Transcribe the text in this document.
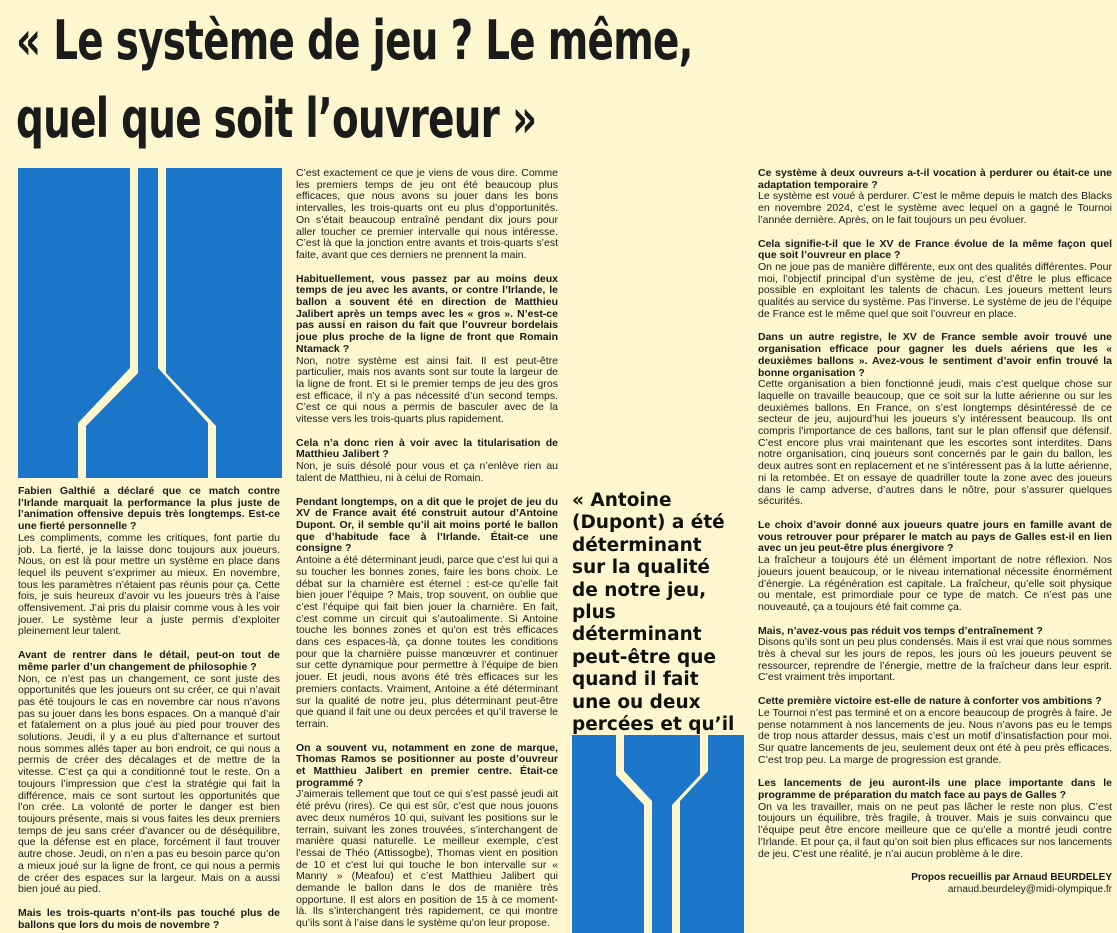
« Le système de jeu ? Le même,
quel que soit l’ouvreur »

Fabien Galthié a déclaré que ce match contre l’Irlande marquait la performance la plus juste de l’animation offensive depuis très longtemps. Est-ce une fierté personnelle ?

Les compliments, comme les critiques, font partie du job. La fierté, je la laisse donc toujours aux joueurs. Nous, on est là pour mettre un système en place dans lequel ils peuvent s’exprimer au mieux. En novembre, tous les paramètres n’étaient pas réunis pour ça. Cette fois, je suis heureux d’avoir vu les joueurs très à l’aise offensivement. J’ai pris du plaisir comme vous à les voir jouer. Le système leur a juste permis d’exploiter pleinement leur talent.

Avant de rentrer dans le détail, peut-on tout de même parler d’un changement de philosophie ?

Non, ce n’est pas un changement, ce sont juste des opportunités que les joueurs ont su créer, ce qui n’avait pas été toujours le cas en novembre car nous n’avons pas su jouer dans les bons espaces. On a manqué d’air et fatalement on a plus joué au pied pour trouver des solutions. Jeudi, il y a eu plus d’alternance et surtout nous sommes allés taper au bon endroit, ce qui nous a permis de créer des décalages et de mettre de la vitesse. C’est ça qui a conditionné tout le reste. On a toujours l’impression que c’est la stratégie qui fait la différence, mais ce sont surtout les opportunités que l’on crée. La volonté de porter le danger est bien toujours présente, mais si vous faites les deux premiers temps de jeu sans créer d’avancer ou de déséquilibre, que la défense est en place, forcément il faut trouver autre chose. Jeudi, on n’en a pas eu besoin parce qu’on a mieux joué sur la ligne de front, ce qui nous a permis de créer des espaces sur la largeur. Mais on a aussi bien joué au pied.

Mais les trois-quarts n’ont-ils pas touché plus de ballons que lors du mois de novembre ?

C’est exactement ce que je viens de vous dire. Comme les premiers temps de jeu ont été beaucoup plus efficaces, que nous avons su jouer dans les bons intervalles, les trois-quarts ont eu plus d’opportunités. On s’était beaucoup entraîné pendant dix jours pour aller toucher ce premier intervalle qui nous intéresse. C’est là que la jonction entre avants et trois-quarts s’est faite, avant que ces derniers ne prennent la main.

Habituellement, vous passez par au moins deux temps de jeu avec les avants, or contre l’Irlande, le ballon a souvent été en direction de Matthieu Jalibert après un temps avec les « gros ». N’est-ce pas aussi en raison du fait que l’ouvreur bordelais joue plus proche de la ligne de front que Romain Ntamack ?

Non, notre système est ainsi fait. Il est peut-être particulier, mais nos avants sont sur toute la largeur de la ligne de front. Et si le premier temps de jeu des gros est efficace, il n’y a pas nécessité d’un second temps. C’est ce qui nous a permis de basculer avec de la vitesse vers les trois-quarts plus rapidement.

Cela n’a donc rien à voir avec la titularisation de Matthieu Jalibert ?

Non, je suis désolé pour vous et ça n’enlève rien au talent de Matthieu, ni à celui de Romain.

Pendant longtemps, on a dit que le projet de jeu du XV de France avait été construit autour d’Antoine Dupont. Or, il semble qu’il ait moins porté le ballon que d’habitude face à l’Irlande. Était-ce une consigne ?

Antoine a été déterminant jeudi, parce que c’est lui qui a su toucher les bonnes zones, faire les bons choix. Le débat sur la charnière est éternel : est-ce qu’elle fait bien jouer l’équipe ? Mais, trop souvent, on oublie que c’est l’équipe qui fait bien jouer la charnière. En fait, c’est comme un circuit qui s’autoalimente. Si Antoine touche les bonnes zones et qu’on est très efficaces dans ces espaces-là, ça donne toutes les conditions pour que la charnière puisse manœuvrer et continuer sur cette dynamique pour permettre à l’équipe de bien jouer. Et jeudi, nous avons été très efficaces sur les premiers contacts. Vraiment, Antoine a été déterminant sur la qualité de notre jeu, plus déterminant peut-être que quand il fait une ou deux percées et qu’il traverse le terrain.

On a souvent vu, notamment en zone de marque, Thomas Ramos se positionner au poste d’ouvreur et Matthieu Jalibert en premier centre. Était-ce programmé ?

J’aimerais tellement que tout ce qui s’est passé jeudi ait été prévu (rires). Ce qui est sûr, c’est que nous jouons avec deux numéros 10 qui, suivant les positions sur le terrain, suivant les zones trouvées, s’interchangent de manière quasi naturelle. Le meilleur exemple, c’est l’essai de Théo (Attissogbe), Thomas vient en position de 10 et c’est lui qui touche le bon intervalle sur « Manny » (Meafou) et c’est Matthieu Jalibert qui demande le ballon dans le dos de manière très opportune. Il est alors en position de 15 à ce moment-là. Ils s’interchangent très rapidement, ce qui montre qu’ils sont à l’aise dans le système qu’on leur propose.

« Antoine (Dupont) a été déterminant sur la qualité de notre jeu, plus déterminant peut-être que quand il fait une ou deux percées et qu’il

Ce système à deux ouvreurs a-t-il vocation à perdurer ou était-ce une adaptation temporaire ?

Le système est voué à perdurer. C’est le même depuis le match des Blacks en novembre 2024, c’est le système avec lequel on a gagné le Tournoi l’année dernière. Après, on le fait toujours un peu évoluer.

Cela signifie-t-il que le XV de France évolue de la même façon quel que soit l’ouvreur en place ?

On ne joue pas de manière différente, eux ont des qualités différentes. Pour moi, l’objectif principal d’un système de jeu, c’est d’être le plus efficace possible en exploitant les talents de chacun. Les joueurs mettent leurs qualités au service du système. Pas l’inverse. Le système de jeu de l’équipe de France est le même quel que soit l’ouvreur en place.

Dans un autre registre, le XV de France semble avoir trouvé une organisation efficace pour gagner les duels aériens que les « deuxièmes ballons ». Avez-vous le sentiment d’avoir enfin trouvé la bonne organisation ?

Cette organisation a bien fonctionné jeudi, mais c’est quelque chose sur laquelle on travaille beaucoup, que ce soit sur la lutte aérienne ou sur les deuxièmes ballons. En France, on s’est longtemps désintéressé de ce secteur de jeu, aujourd’hui les joueurs s’y intéressent beaucoup. Ils ont compris l’importance de ces ballons, tant sur le plan offensif que défensif. C’est encore plus vrai maintenant que les escortes sont interdites. Dans notre organisation, cinq joueurs sont concernés par le gain du ballon, les deux autres sont en replacement et ne s’intéressent pas à la lutte aérienne, ni la retombée. Et on essaye de quadriller toute la zone avec des joueurs dans le camp adverse, d’autres dans le nôtre, pour s’assurer quelques sécurités.

Le choix d’avoir donné aux joueurs quatre jours en famille avant de vous retrouver pour préparer le match au pays de Galles est-il en lien avec un jeu peut-être plus énergivore ?

La fraîcheur a toujours été un élément important de notre réflexion. Nos joueurs jouent beaucoup, or le niveau international nécessite énormément d’énergie. La régénération est capitale. La fraîcheur, qu’elle soit physique ou mentale, est primordiale pour ce type de match. Ce n’est pas une nouveauté, ça a toujours été fait comme ça.

Mais, n’avez-vous pas réduit vos temps d’entraînement ?

Disons qu’ils sont un peu plus condensés. Mais il est vrai que nous sommes très à cheval sur les jours de repos, les jours où les joueurs peuvent se ressourcer, reprendre de l’énergie, mettre de la fraîcheur dans leur esprit. C’est vraiment très important.

Cette première victoire est-elle de nature à conforter vos ambitions ?

Le Tournoi n’est pas terminé et on a encore beaucoup de progrès à faire. Je pense notamment à nos lancements de jeu. Nous n’avons pas eu le temps de trop nous attarder dessus, mais c’est un motif d’insatisfaction pour moi. Sur quatre lancements de jeu, seulement deux ont été à peu près efficaces. C’est trop peu. La marge de progression est grande.

Les lancements de jeu auront-ils une place importante dans le programme de préparation du match face au pays de Galles ?

On va les travailler, mais on ne peut pas lâcher le reste non plus. C’est toujours un équilibre, très fragile, à trouver. Mais je suis convaincu que l’équipe peut être encore meilleure que ce qu’elle a montré jeudi contre l’Irlande. Et pour ça, il faut qu’on soit bien plus efficaces sur nos lancements de jeu. C’est une réalité, je n’ai aucun problème à le dire.

Propos recueillis par Arnaud BEURDELEY

arnaud.beurdeley@midi-olympique.fr
